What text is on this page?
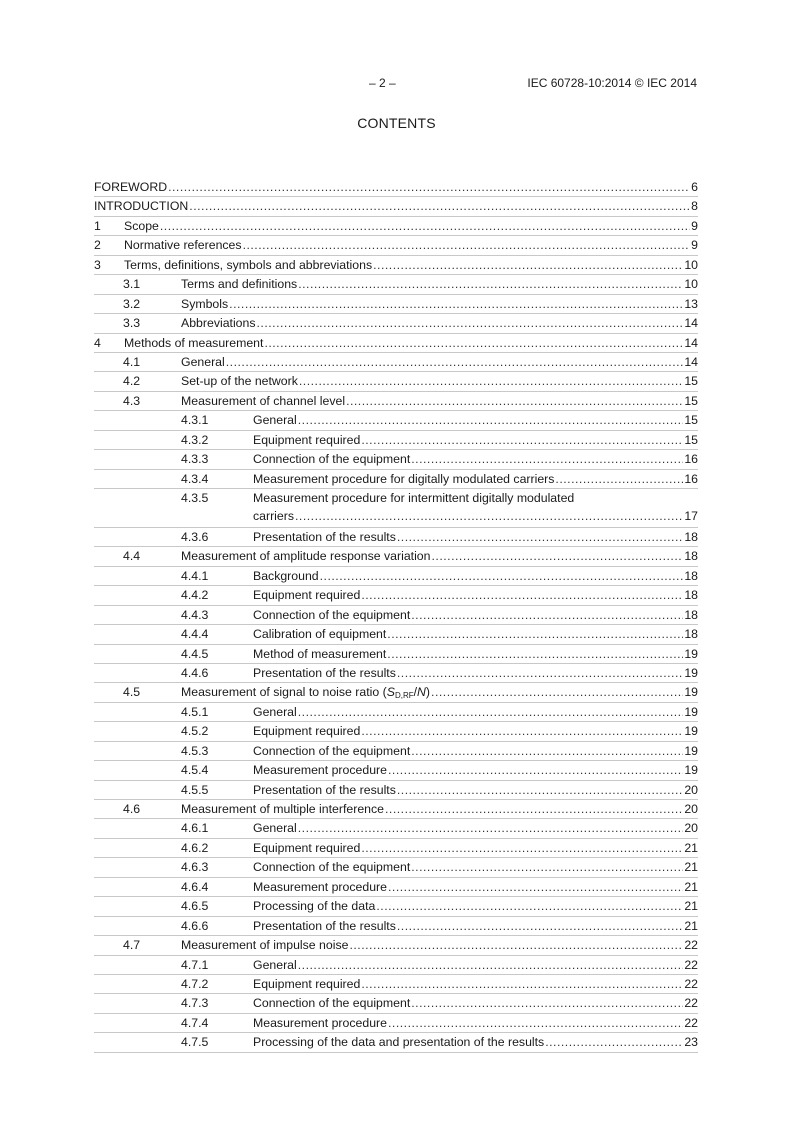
– 2 –	IEC 60728-10:2014 © IEC 2014
CONTENTS
FOREWORD .....	6
INTRODUCTION .....	8
1 Scope .....	9
2 Normative references .....	9
3 Terms, definitions, symbols and abbreviations .....	10
3.1	Terms and definitions .....	10
3.2	Symbols .....	13
3.3	Abbreviations .....	14
4 Methods of measurement .....	14
4.1	General .....	14
4.2	Set-up of the network .....	15
4.3	Measurement of channel level .....	15
4.3.1	General .....	15
4.3.2	Equipment required .....	15
4.3.3	Connection of the equipment .....	16
4.3.4	Measurement procedure for digitally modulated carriers .....	16
4.3.5	Measurement procedure for intermittent digitally modulated
carriers .....	17
4.3.6	Presentation of the results .....	18
4.4	Measurement of amplitude response variation .....	18
4.4.1	Background .....	18
4.4.2	Equipment required .....	18
4.4.3	Connection of the equipment .....	18
4.4.4	Calibration of equipment .....	18
4.4.5	Method of measurement .....	19
4.4.6	Presentation of the results .....	19
4.5	Measurement of signal to noise ratio $(S_{D,RF}/N)$ .....	19
4.5.1	General .....	19
4.5.2	Equipment required .....	19
4.5.3	Connection of the equipment .....	19
4.5.4	Measurement procedure .....	19
4.5.5	Presentation of the results .....	20
4.6	Measurement of multiple interference .....	20
4.6.1	General .....	20
4.6.2	Equipment required .....	21
4.6.3	Connection of the equipment .....	21
4.6.4	Measurement procedure .....	21
4.6.5	Processing of the data .....	21
4.6.6	Presentation of the results .....	21
4.7	Measurement of impulse noise .....	22
4.7.1	General .....	22
4.7.2	Equipment required .....	22
4.7.3	Connection of the equipment .....	22
4.7.4	Measurement procedure .....	22
4.7.5	Processing of the data and presentation of the results .....	23
